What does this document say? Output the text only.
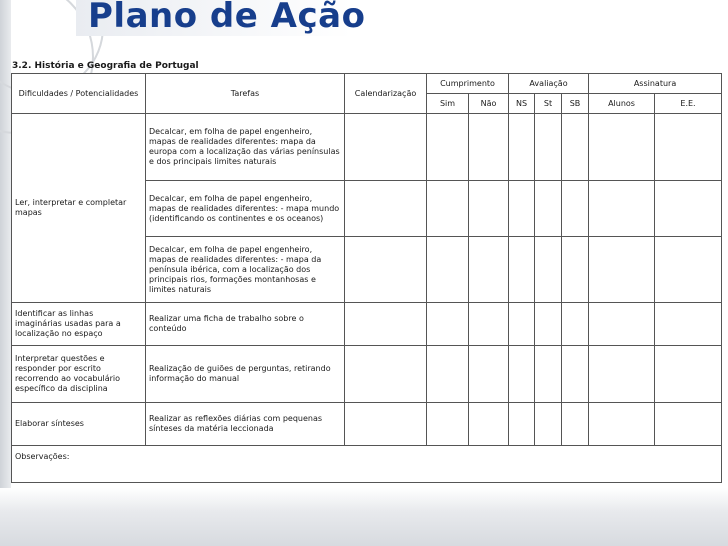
Plano de Ação
3.2. História e Geografia de Portugal
Dificuldades / Potencialidades	Tarefas	Calendarização	Cumprimento		Avaliação			Assinatura	
			Sim	Não	NS	St	SB	Alunos	E.E.
Ler, interpretar e completar mapas	Decalcar, em folha de papel engenheiro, mapas de realidades diferentes: mapa da europa com a localização das várias penínsulas e dos principais limites naturais								
	Decalcar, em folha de papel engenheiro, mapas de realidades diferentes: - mapa mundo (identificando os continentes e os oceanos)								
	Decalcar, em folha de papel engenheiro, mapas de realidades diferentes: - mapa da península ibérica, com a localização dos principais rios, formações montanhosas e limites naturais								
Identificar as linhas imaginárias usadas para a localização no espaço	Realizar uma ficha de trabalho sobre o conteúdo								
Interpretar questões e responder por escrito recorrendo ao vocabulário específico da disciplina	Realização de guiões de perguntas, retirando informação do manual								
Elaborar sínteses	Realizar as reflexões diárias com pequenas sínteses da matéria leccionada								
Observações:									
